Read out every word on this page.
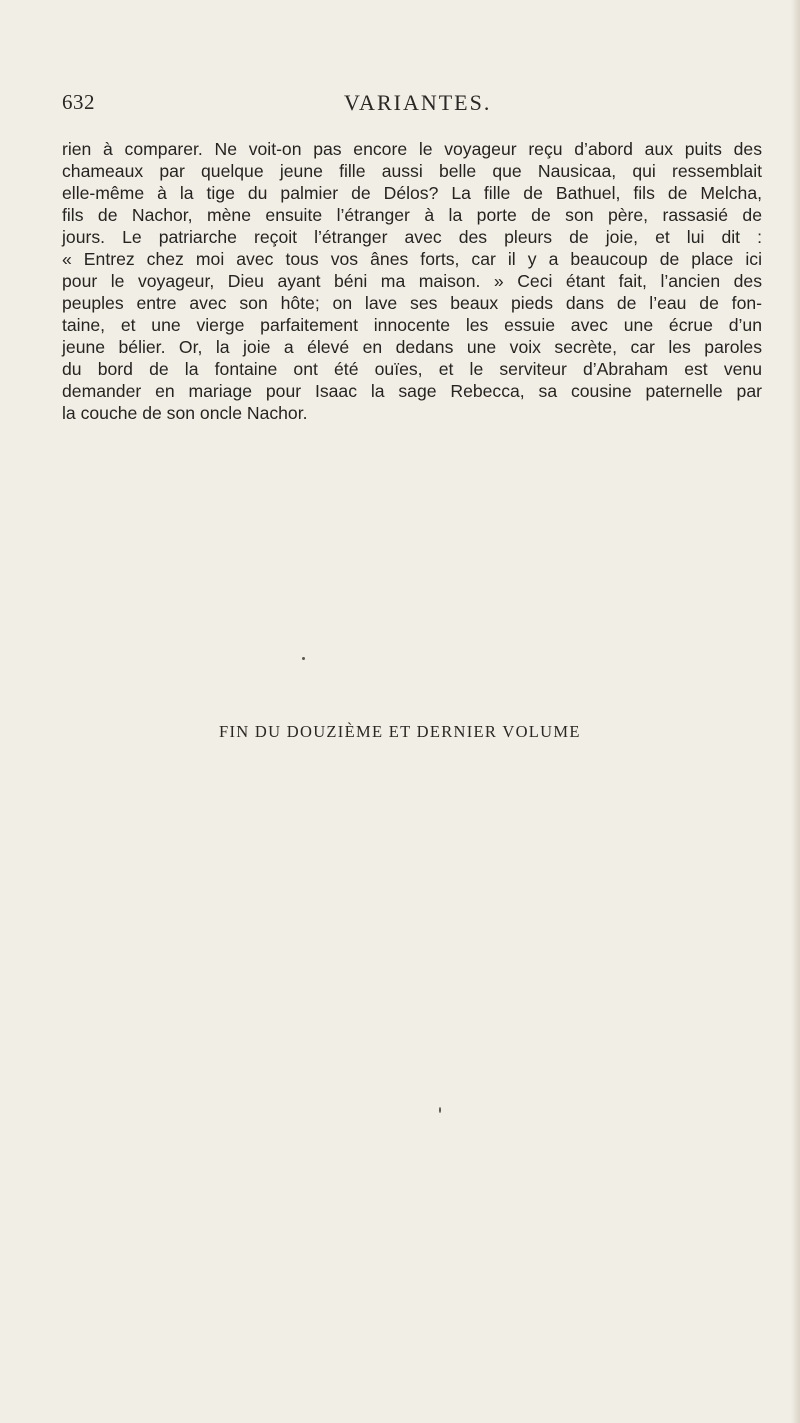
632	VARIANTES.
rien à comparer. Ne voit-on pas encore le voyageur reçu d’abord aux puits des
chameaux par quelque jeune fille aussi belle que Nausicaa, qui ressemblait
elle-même à la tige du palmier de Délos? La fille de Bathuel, fils de Melcha,
fils de Nachor, mène ensuite l’étranger à la porte de son père, rassasié de
jours. Le patriarche reçoit l’étranger avec des pleurs de joie, et lui dit :
« Entrez chez moi avec tous vos ânes forts, car il y a beaucoup de place ici
pour le voyageur, Dieu ayant béni ma maison. » Ceci étant fait, l’ancien des
peuples entre avec son hôte; on lave ses beaux pieds dans de l’eau de fon-
taine, et une vierge parfaitement innocente les essuie avec une écrue d’un
jeune bélier. Or, la joie a élevé en dedans une voix secrète, car les paroles
du bord de la fontaine ont été ouïes, et le serviteur d’Abraham est venu
demander en mariage pour Isaac la sage Rebecca, sa cousine paternelle par
la couche de son oncle Nachor.
FIN DU DOUZIÈME ET DERNIER VOLUME
